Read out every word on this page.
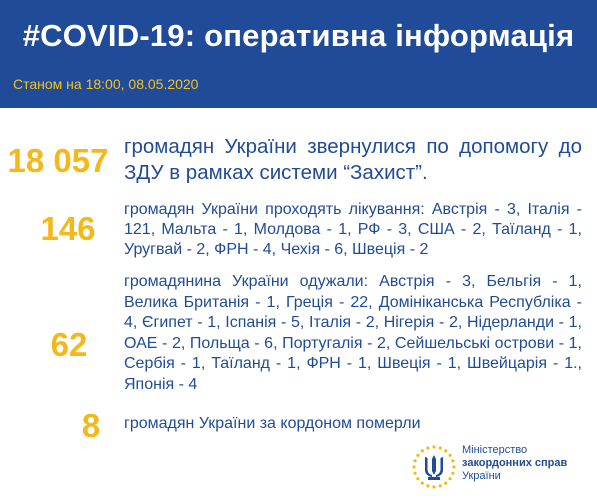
#COVID-19: оперативна інформація
Станом на 18:00, 08.05.2020
18 057 громадян України звернулися по допомогу до ЗДУ в рамках системи “Захист”.
146
громадян України проходять лікування: Австрія - 3, Італія - 121, Мальта - 1, Молдова - 1, РФ - 3, США - 2, Таїланд - 1, Уругвай - 2, ФРН - 4, Чехія - 6, Швеція - 2
62
громадянина України одужали: Австрія - 3, Бельгія - 1, Велика Британія - 1, Греція - 22, Домініканська Республіка - 4, Єгипет - 1, Іспанія - 5, Італія - 2, Нігерія - 2, Нідерланди - 1, ОАЕ - 2, Польща - 6, Португалія - 2, Сейшельські острови - 1, Сербія - 1, Таїланд - 1, ФРН - 1, Швеція - 1, Швейцарія - 1., Японія - 4
8	громадян України за кордоном померли
Міністерство
закордонних справ
України
